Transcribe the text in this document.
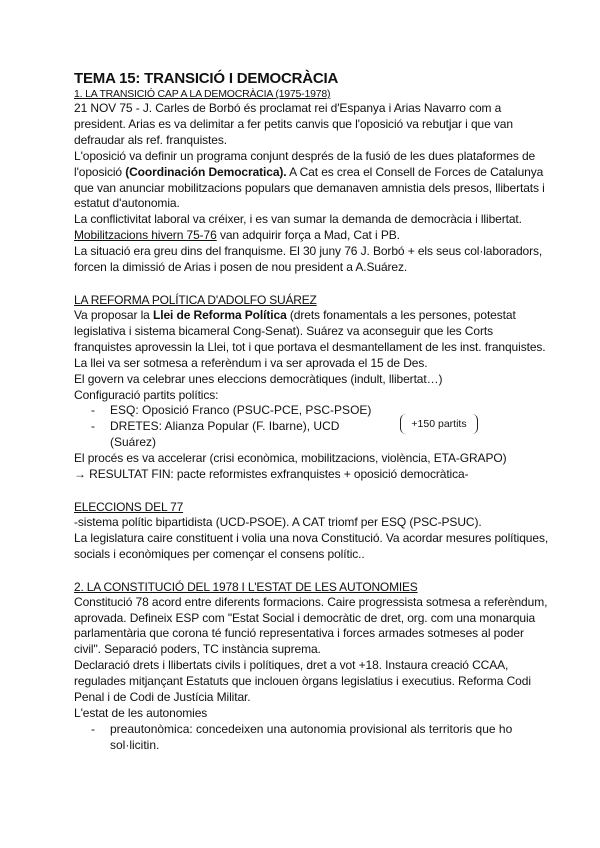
TEMA 15: TRANSICIÓ I DEMOCRÀCIA
1. LA TRANSICIÓ CAP A LA DEMOCRÀCIA (1975-1978)

21 NOV 75 - J. Carles de Borbó és proclamat rei d'Espanya i Arias Navarro com a president. Arias es va delimitar a fer petits canvis que l'oposició va rebutjar i que van defraudar als ref. franquistes.

L'oposició va definir un programa conjunt després de la fusió de les dues plataformes de l'oposició (Coordinación Democratica). A Cat es crea el Consell de Forces de Catalunya que van anunciar mobilitzacions populars que demanaven amnistia dels presos, llibertats i estatut d'autonomia.

La conflictivitat laboral va créixer, i es van sumar la demanda de democràcia i llibertat. Mobilitzacions hivern 75-76 van adquirir força a Mad, Cat i PB.

La situació era greu dins del franquisme. El 30 juny 76 J. Borbó + els seus col·laboradors, forcen la dimissió de Arias i posen de nou president a A.Suárez.

LA REFORMA POLÍTICA D'ADOLFO SUÁREZ

Va proposar la Llei de Reforma Política (drets fonamentals a les persones, potestat legislativa i sistema bicameral Cong-Senat). Suárez va aconseguir que les Corts franquistes aprovessin la Llei, tot i que portava el desmantellament de les inst. franquistes. La llei va ser sotmesa a referèndum i va ser aprovada el 15 de Des.

El govern va celebrar unes eleccions democràtiques (indult, llibertat…)

Configuració partits polítics:

- ESQ: Oposició Franco (PSUC-PCE, PSC-PSOE)
- DRETES: Alianza Popular (F. Ibarne), UCD (Suárez)

El procés es va accelerar (crisi econòmica, mobilitzacions, violència, ETA-GRAPO)

→ RESULTAT FIN: pacte reformistes exfranquistes + oposició democràtica-

ELECCIONS DEL 77

-sistema polític bipartidista (UCD-PSOE). A CAT triomf per ESQ (PSC-PSUC).

La legislatura caire constituent i volia una nova Constitució. Va acordar mesures polítiques, socials i econòmiques per començar el consens polític..

2. LA CONSTITUCIÓ DEL 1978 I L'ESTAT DE LES AUTONOMIES

Constitució 78 acord entre diferents formacions. Caire progressista sotmesa a referèndum, aprovada. Defineix ESP com "Estat Social i democràtic de dret, org. com una monarquia parlamentària que corona té funció representativa i forces armades sotmeses al poder civil". Separació poders, TC instància suprema.

Declaració drets i llibertats civils i polítiques, dret a vot +18. Instaura creació CCAA, regulades mitjançant Estatuts que inclouen òrgans legislatius i executius. Reforma Codi Penal i de Codi de Justícia Militar.

L'estat de les autonomies

- preautonòmica: concedeixen una autonomia provisional als territoris que ho sol·licitin.
+150 partits
